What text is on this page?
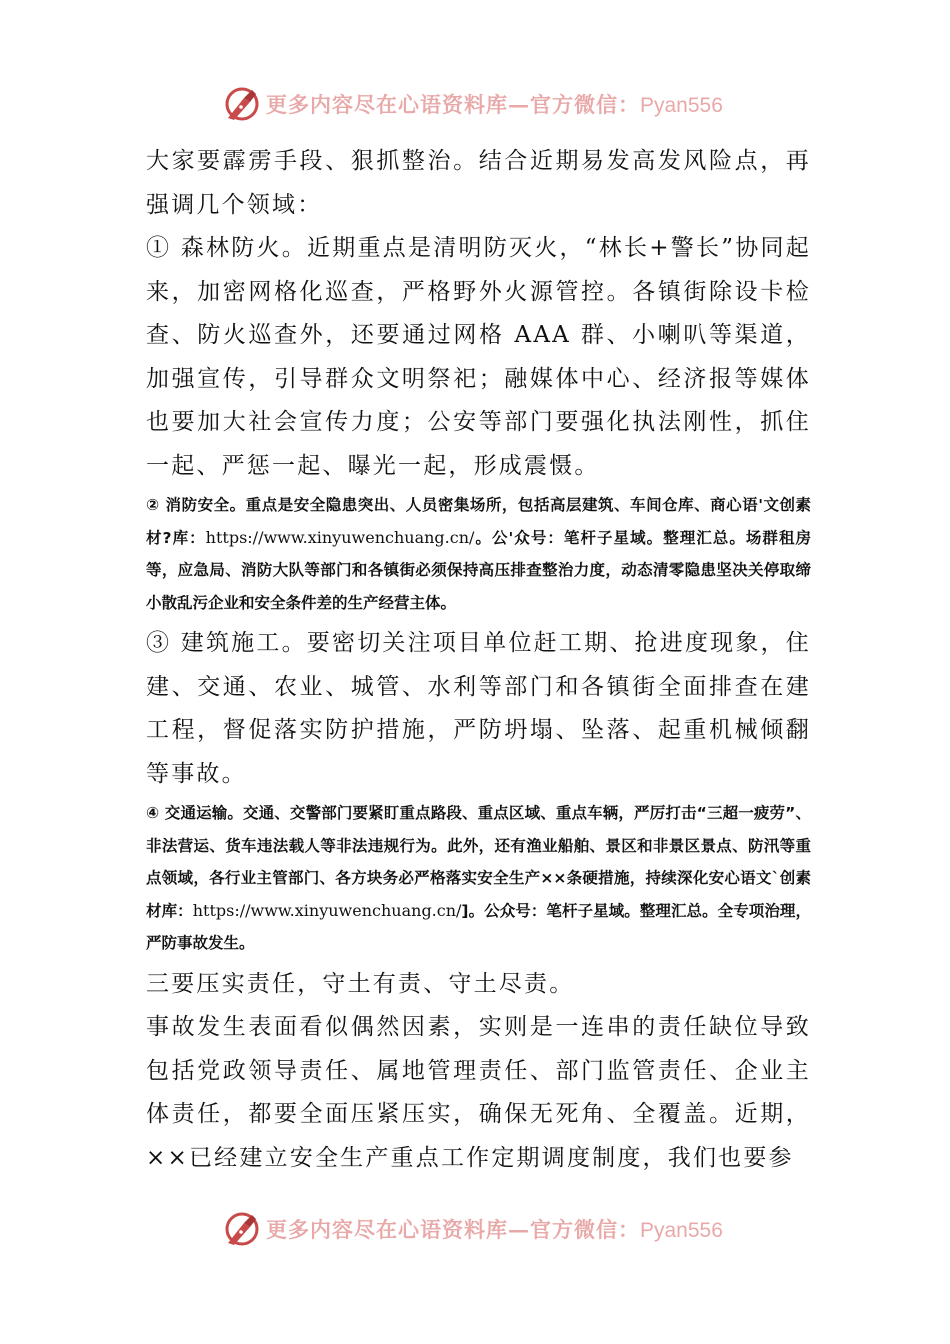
更多内容尽在心语资料库—官方微信：Pyan556

大家要霹雳手段、狠抓整治。结合近期易发高发风险点，再强调几个领域：

① 森林防火。近期重点是清明防灭火，“林长+警长”协同起来，加密网格化巡查，严格野外火源管控。各镇街除设卡检查、防火巡查外，还要通过网格 AAA 群、小喇叭等渠道，加强宣传，引导群众文明祭祀；融媒体中心、经济报等媒体也要加大社会宣传力度；公安等部门要强化执法刚性，抓住一起、严惩一起、曝光一起，形成震慑。

② 消防安全。重点是安全隐患突出、人员密集场所，包括高层建筑、车间仓库、商心语'文创素材?库：https://www.xinyuwenchuang.cn/。公'众号：笔杆子星域。整理汇总。场群租房等，应急局、消防大队等部门和各镇街必须保持高压排查整治力度，动态清零隐患坚决关停取缔小散乱污企业和安全条件差的生产经营主体。

③ 建筑施工。要密切关注项目单位赶工期、抢进度现象，住建、交通、农业、城管、水利等部门和各镇街全面排查在建工程，督促落实防护措施，严防坍塌、坠落、起重机械倾翻等事故。

④ 交通运输。交通、交警部门要紧盯重点路段、重点区域、重点车辆，严厉打击“三超一疲劳”、非法营运、货车违法载人等非法违规行为。此外，还有渔业船舶、景区和非景区景点、防汛等重点领域，各行业主管部门、各方块务必严格落实安全生产××条硬措施，持续深化安心语文`创素材库：https://www.xinyuwenchuang.cn/]。公众号：笔杆子星域。整理汇总。全专项治理，严防事故发生。

三要压实责任，守土有责、守土尽责。

事故发生表面看似偶然因素，实则是一连串的责任缺位导致包括党政领导责任、属地管理责任、部门监管责任、企业主体责任，都要全面压紧压实，确保无死角、全覆盖。近期，××已经建立安全生产重点工作定期调度制度，我们也要参

更多内容尽在心语资料库—官方微信：Pyan556
